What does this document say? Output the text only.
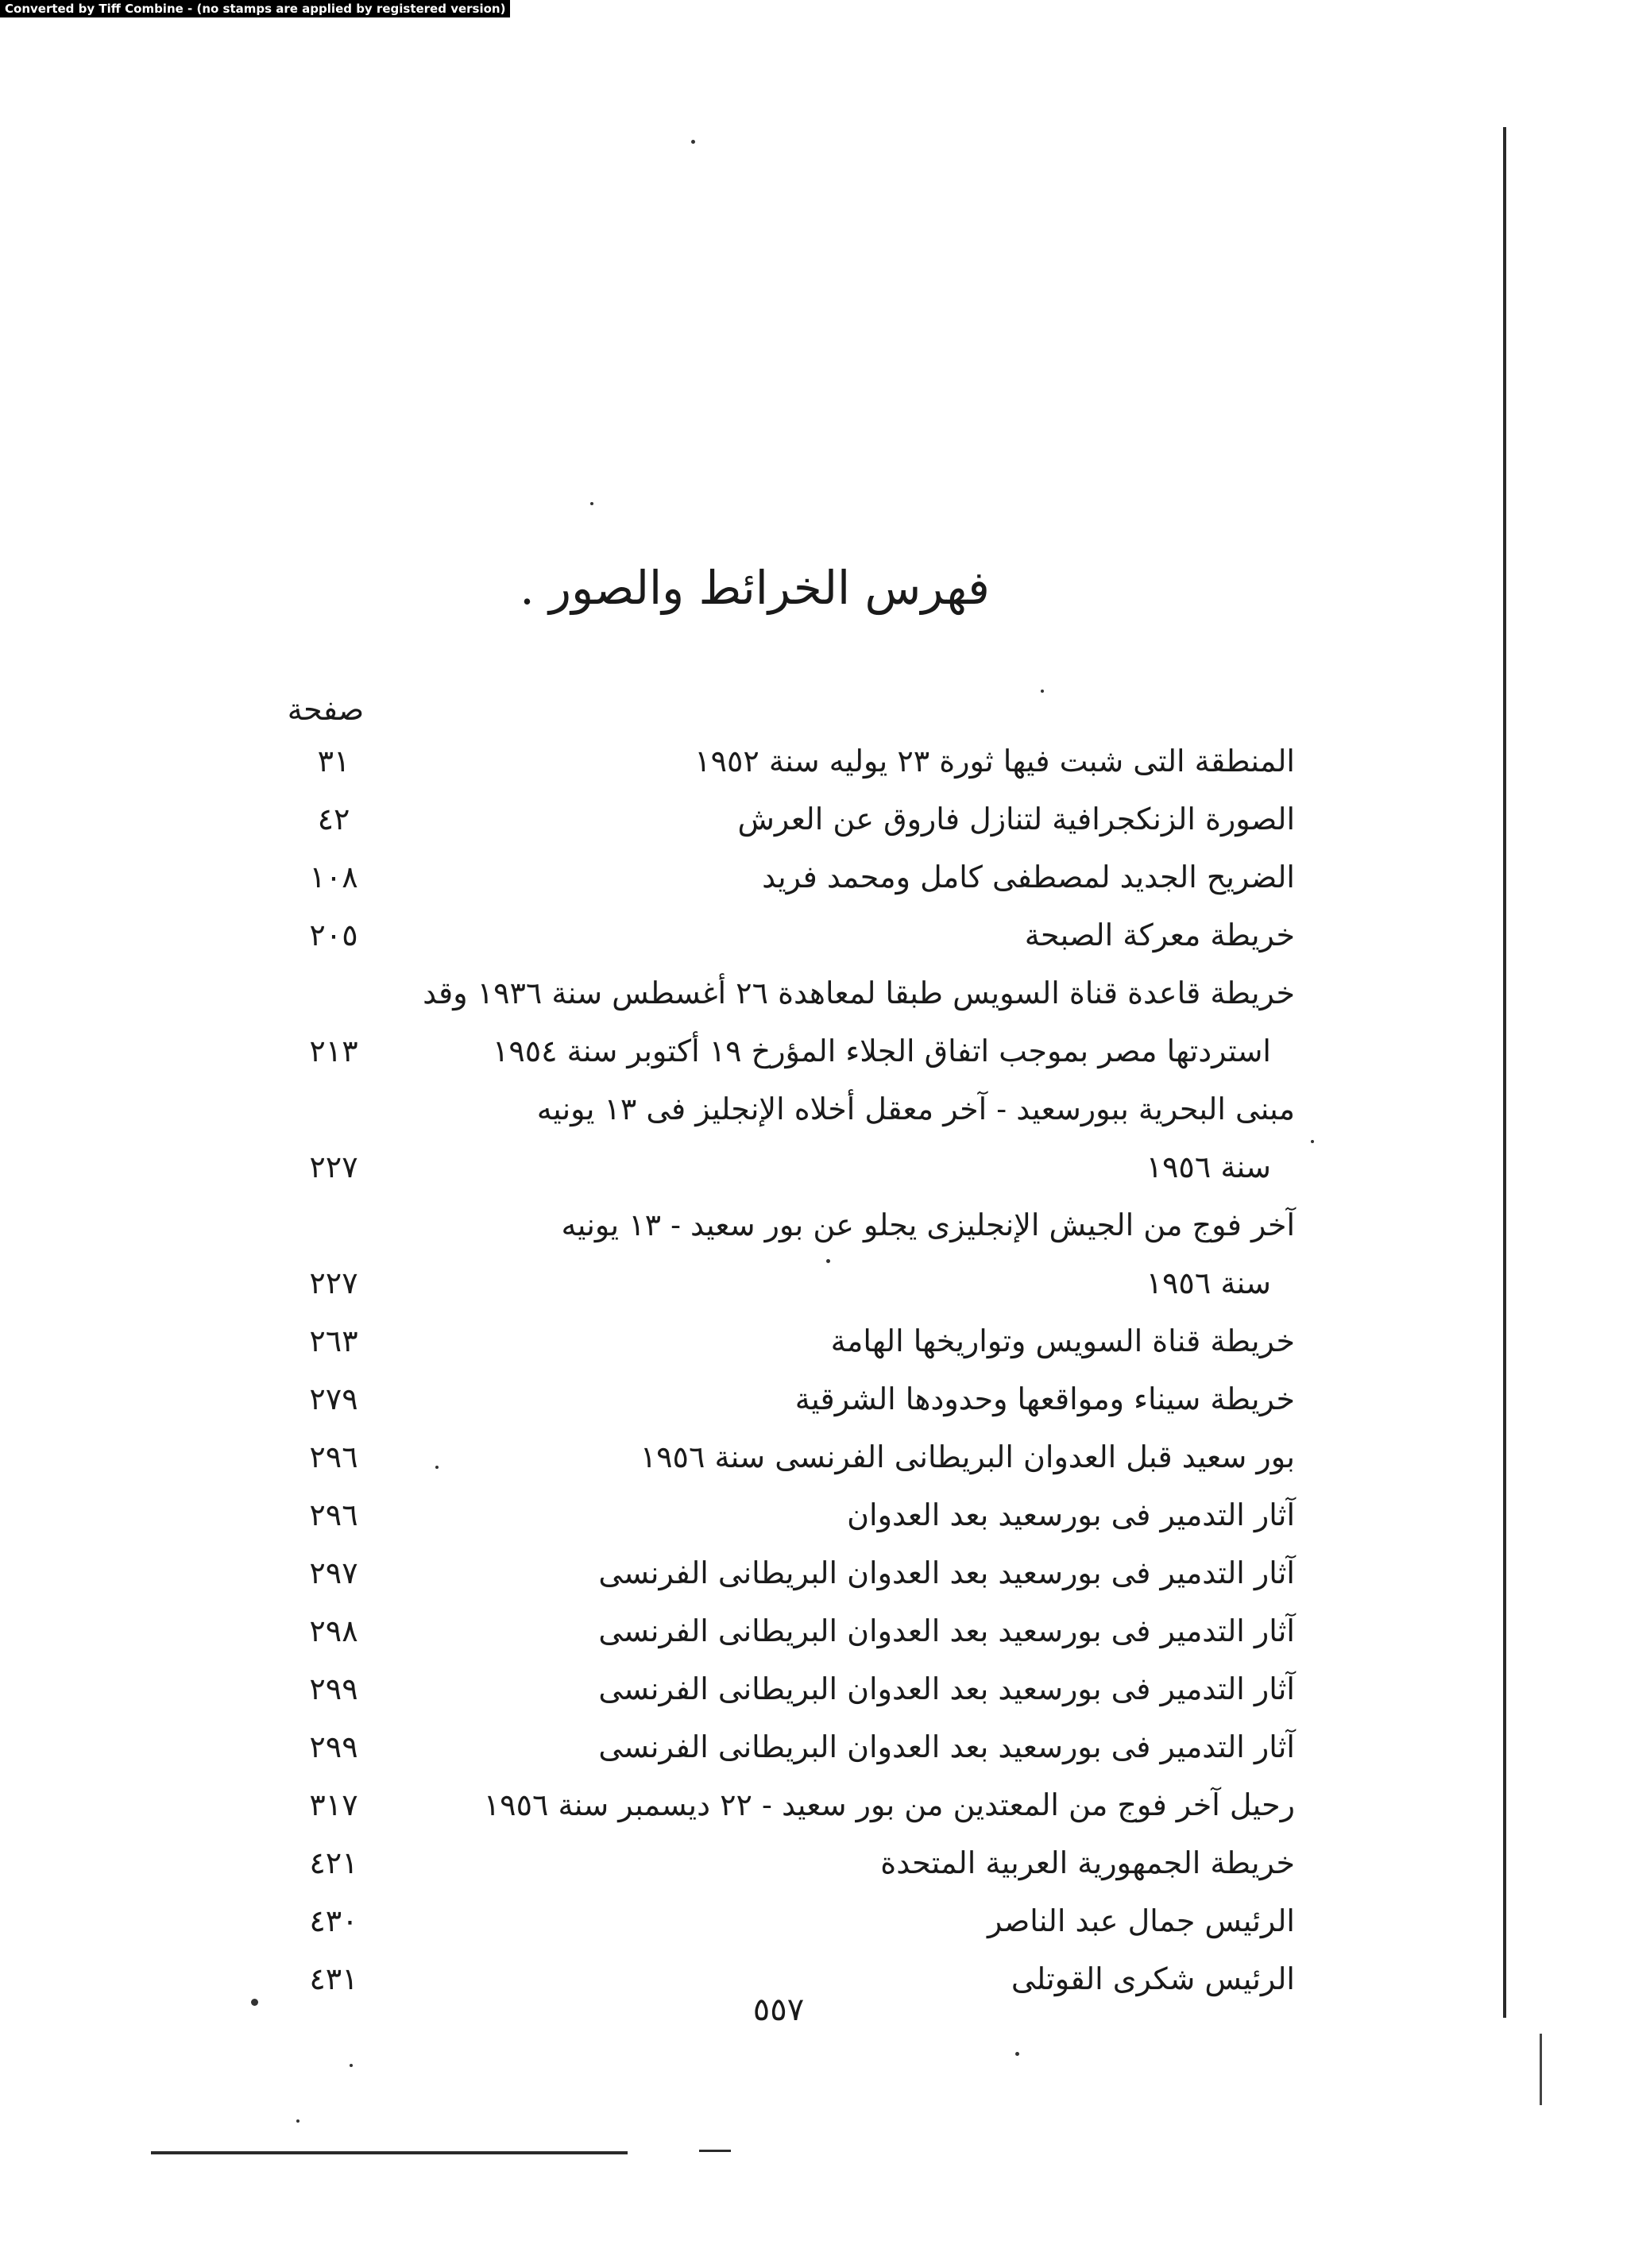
Converted by Tiff Combine - (no stamps are applied by registered version)
فهرس الخرائط والصور .
صفحة
المنطقة التى شبت فيها ثورة ٢٣ يوليه سنة ١٩٥٢
٣١
الصورة الزنكجرافية لتنازل فاروق عن العرش
٤٢
الضريح الجديد لمصطفى كامل ومحمد فريد
١٠٨
خريطة معركة الصبحة
٢٠٥
خريطة قاعدة قناة السويس طبقا لمعاهدة ٢٦ أغسطس سنة ١٩٣٦ وقد
استردتها مصر بموجب اتفاق الجلاء المؤرخ ١٩ أكتوبر سنة ١٩٥٤
٢١٣
مبنى البحرية ببورسعيد - آخر معقل أخلاه الإنجليز فى ١٣ يونيه
سنة ١٩٥٦
٢٢٧
آخر فوج من الجيش الإنجليزى يجلو عن بور سعيد - ١٣ يونيه
سنة ١٩٥٦
٢٢٧
خريطة قناة السويس وتواريخها الهامة
٢٦٣
خريطة سيناء ومواقعها وحدودها الشرقية
٢٧٩
بور سعيد قبل العدوان البريطانى الفرنسى سنة ١٩٥٦
٢٩٦
آثار التدمير فى بورسعيد بعد العدوان
٢٩٦
آثار التدمير فى بورسعيد بعد العدوان البريطانى الفرنسى
٢٩٧
آثار التدمير فى بورسعيد بعد العدوان البريطانى الفرنسى
٢٩٨
آثار التدمير فى بورسعيد بعد العدوان البريطانى الفرنسى
٢٩٩
آثار التدمير فى بورسعيد بعد العدوان البريطانى الفرنسى
٢٩٩
رحيل آخر فوج من المعتدين من بور سعيد - ٢٢ ديسمبر سنة ١٩٥٦
٣١٧
خريطة الجمهورية العربية المتحدة
٤٢١
الرئيس جمال عبد الناصر
٤٣٠
الرئيس شكرى القوتلى
٤٣١
٥٥٧
